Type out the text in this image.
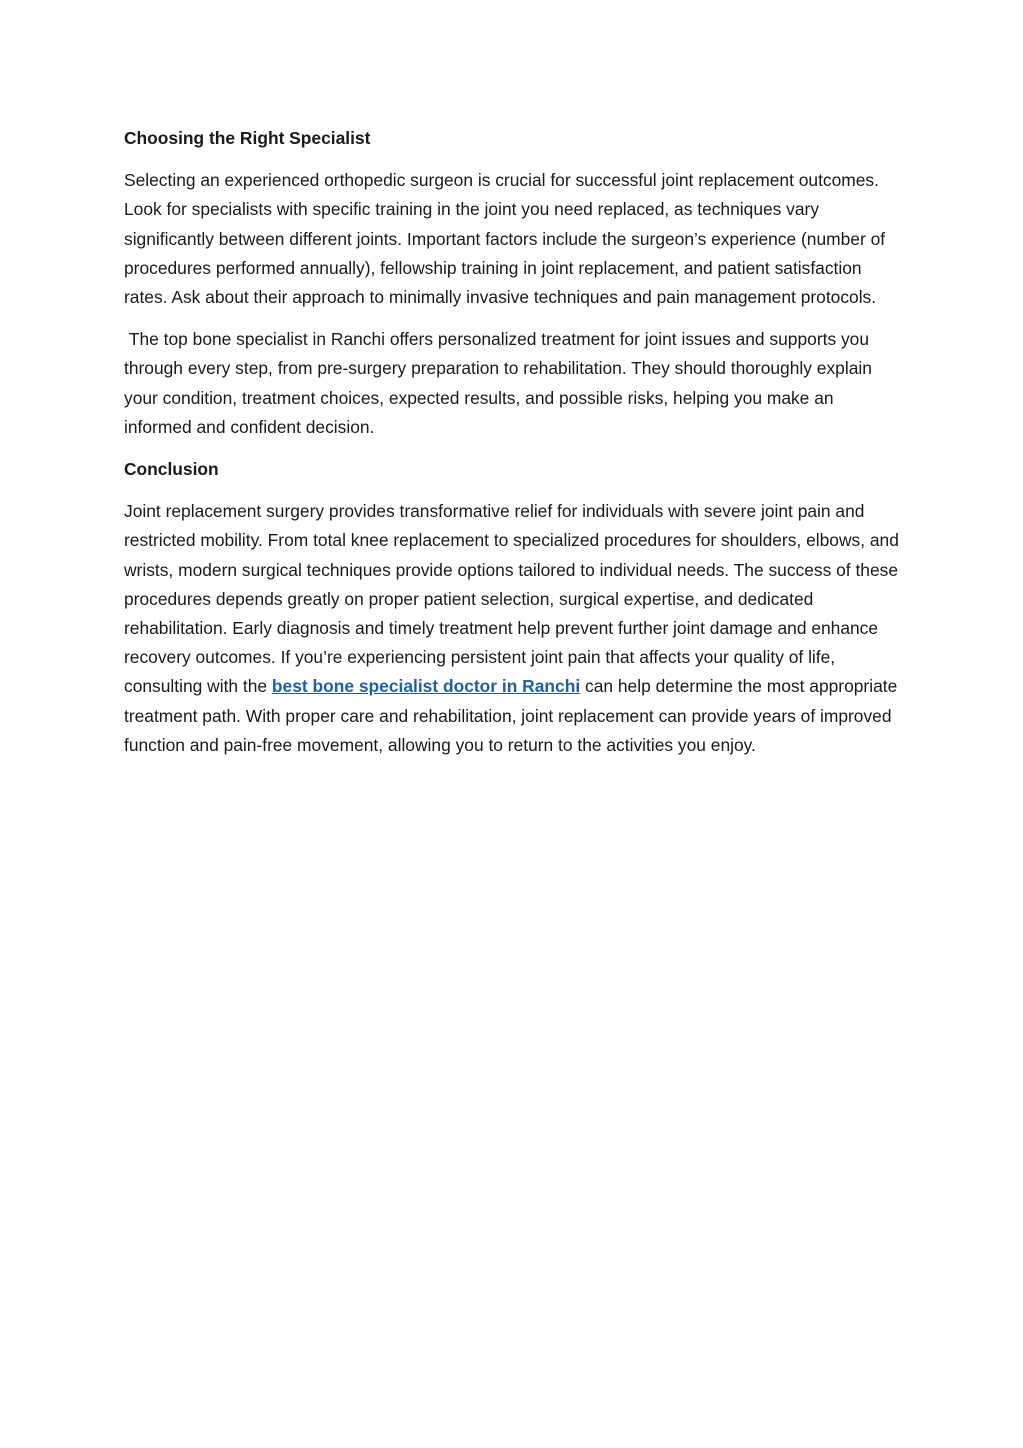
Choosing the Right Specialist

Selecting an experienced orthopedic surgeon is crucial for successful joint replacement outcomes. Look for specialists with specific training in the joint you need replaced, as techniques vary significantly between different joints. Important factors include the surgeon’s experience (number of procedures performed annually), fellowship training in joint replacement, and patient satisfaction rates. Ask about their approach to minimally invasive techniques and pain management protocols.

The top bone specialist in Ranchi offers personalized treatment for joint issues and supports you through every step, from pre-surgery preparation to rehabilitation. They should thoroughly explain your condition, treatment choices, expected results, and possible risks, helping you make an informed and confident decision.

Conclusion

Joint replacement surgery provides transformative relief for individuals with severe joint pain and restricted mobility. From total knee replacement to specialized procedures for shoulders, elbows, and wrists, modern surgical techniques provide options tailored to individual needs. The success of these procedures depends greatly on proper patient selection, surgical expertise, and dedicated rehabilitation. Early diagnosis and timely treatment help prevent further joint damage and enhance recovery outcomes. If you’re experiencing persistent joint pain that affects your quality of life, consulting with the best bone specialist doctor in Ranchi can help determine the most appropriate treatment path. With proper care and rehabilitation, joint replacement can provide years of improved function and pain-free movement, allowing you to return to the activities you enjoy.
